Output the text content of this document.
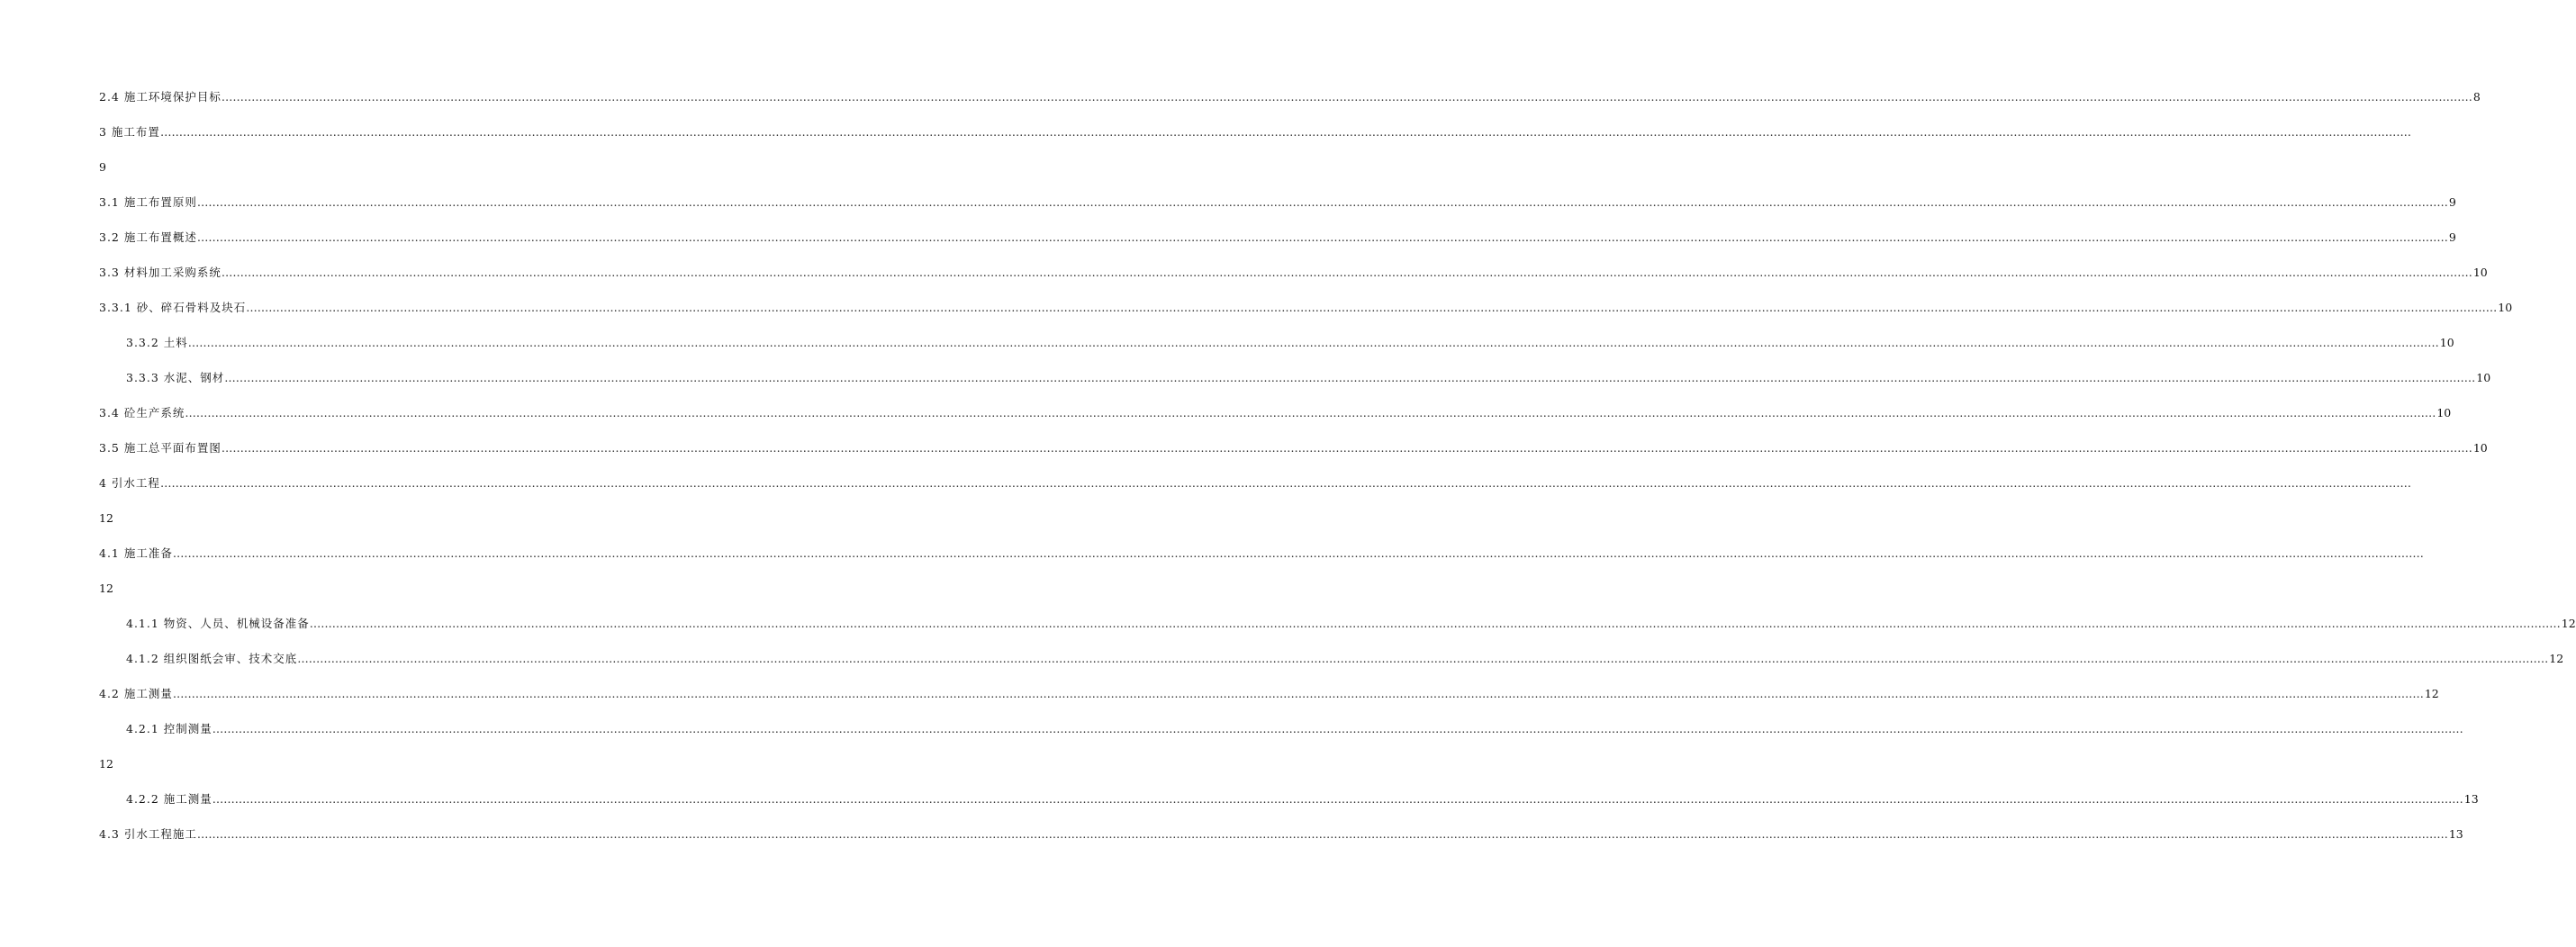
2.4 施工环境保护目标 …………………………………………………………………………………………………………………………………………………………………………………………………………………………………………………………………………………………………………………………………………………………………………………………………………………………………………………………………………………………………………………………………………………… 8
3 施工布置 ……………………………………………………………………………………………………………………………………………………………………………………………………………………………………………………………………………………………………………………………………………………………………………………………………………………………………………………………………………………………………………………………………………………
9
3.1 施工布置原则 …………………………………………………………………………………………………………………………………………………………………………………………………………………………………………………………………………………………………………………………………………………………………………………………………………………………………………………………………………………………………………………………………………………… 9
3.2 施工布置概述 …………………………………………………………………………………………………………………………………………………………………………………………………………………………………………………………………………………………………………………………………………………………………………………………………………………………………………………………………………………………………………………………………………………… 9
3.3 材料加工采购系统 …………………………………………………………………………………………………………………………………………………………………………………………………………………………………………………………………………………………………………………………………………………………………………………………………………………………………………………………………………………………………………………………………………………… 10
3.3.1 砂、碎石骨料及块石 …………………………………………………………………………………………………………………………………………………………………………………………………………………………………………………………………………………………………………………………………………………………………………………………………………………………………………………………………………………………………………………………………………………… 10
3.3.2 土料 …………………………………………………………………………………………………………………………………………………………………………………………………………………………………………………………………………………………………………………………………………………………………………………………………………………………………………………………………………………………………………………………………………………… 10
3.3.3 水泥、钢材 …………………………………………………………………………………………………………………………………………………………………………………………………………………………………………………………………………………………………………………………………………………………………………………………………………………………………………………………………………………………………………………………………………………… 10
3.4 砼生产系统 …………………………………………………………………………………………………………………………………………………………………………………………………………………………………………………………………………………………………………………………………………………………………………………………………………………………………………………………………………………………………………………………………………………… 10
3.5 施工总平面布置图 …………………………………………………………………………………………………………………………………………………………………………………………………………………………………………………………………………………………………………………………………………………………………………………………………………………………………………………………………………………………………………………………………………………… 10
4 引水工程 ……………………………………………………………………………………………………………………………………………………………………………………………………………………………………………………………………………………………………………………………………………………………………………………………………………………………………………………………………………………………………………………………………………………
12
4.1 施工准备 ……………………………………………………………………………………………………………………………………………………………………………………………………………………………………………………………………………………………………………………………………………………………………………………………………………………………………………………………………………………………………………………………………………………
12
4.1.1 物资、人员、机械设备准备 …………………………………………………………………………………………………………………………………………………………………………………………………………………………………………………………………………………………………………………………………………………………………………………………………………………………………………………………………………………………………………………………………………………… 12
4.1.2 组织图纸会审、技术交底 …………………………………………………………………………………………………………………………………………………………………………………………………………………………………………………………………………………………………………………………………………………………………………………………………………………………………………………………………………………………………………………………………………………… 12
4.2 施工测量 …………………………………………………………………………………………………………………………………………………………………………………………………………………………………………………………………………………………………………………………………………………………………………………………………………………………………………………………………………………………………………………………………………………… 12
4.2.1 控制测量 ……………………………………………………………………………………………………………………………………………………………………………………………………………………………………………………………………………………………………………………………………………………………………………………………………………………………………………………………………………………………………………………………………………………
12
4.2.2 施工测量 …………………………………………………………………………………………………………………………………………………………………………………………………………………………………………………………………………………………………………………………………………………………………………………………………………………………………………………………………………………………………………………………………………………… 13
4.3 引水工程施工 …………………………………………………………………………………………………………………………………………………………………………………………………………………………………………………………………………………………………………………………………………………………………………………………………………………………………………………………………………………………………………………………………………………… 13
